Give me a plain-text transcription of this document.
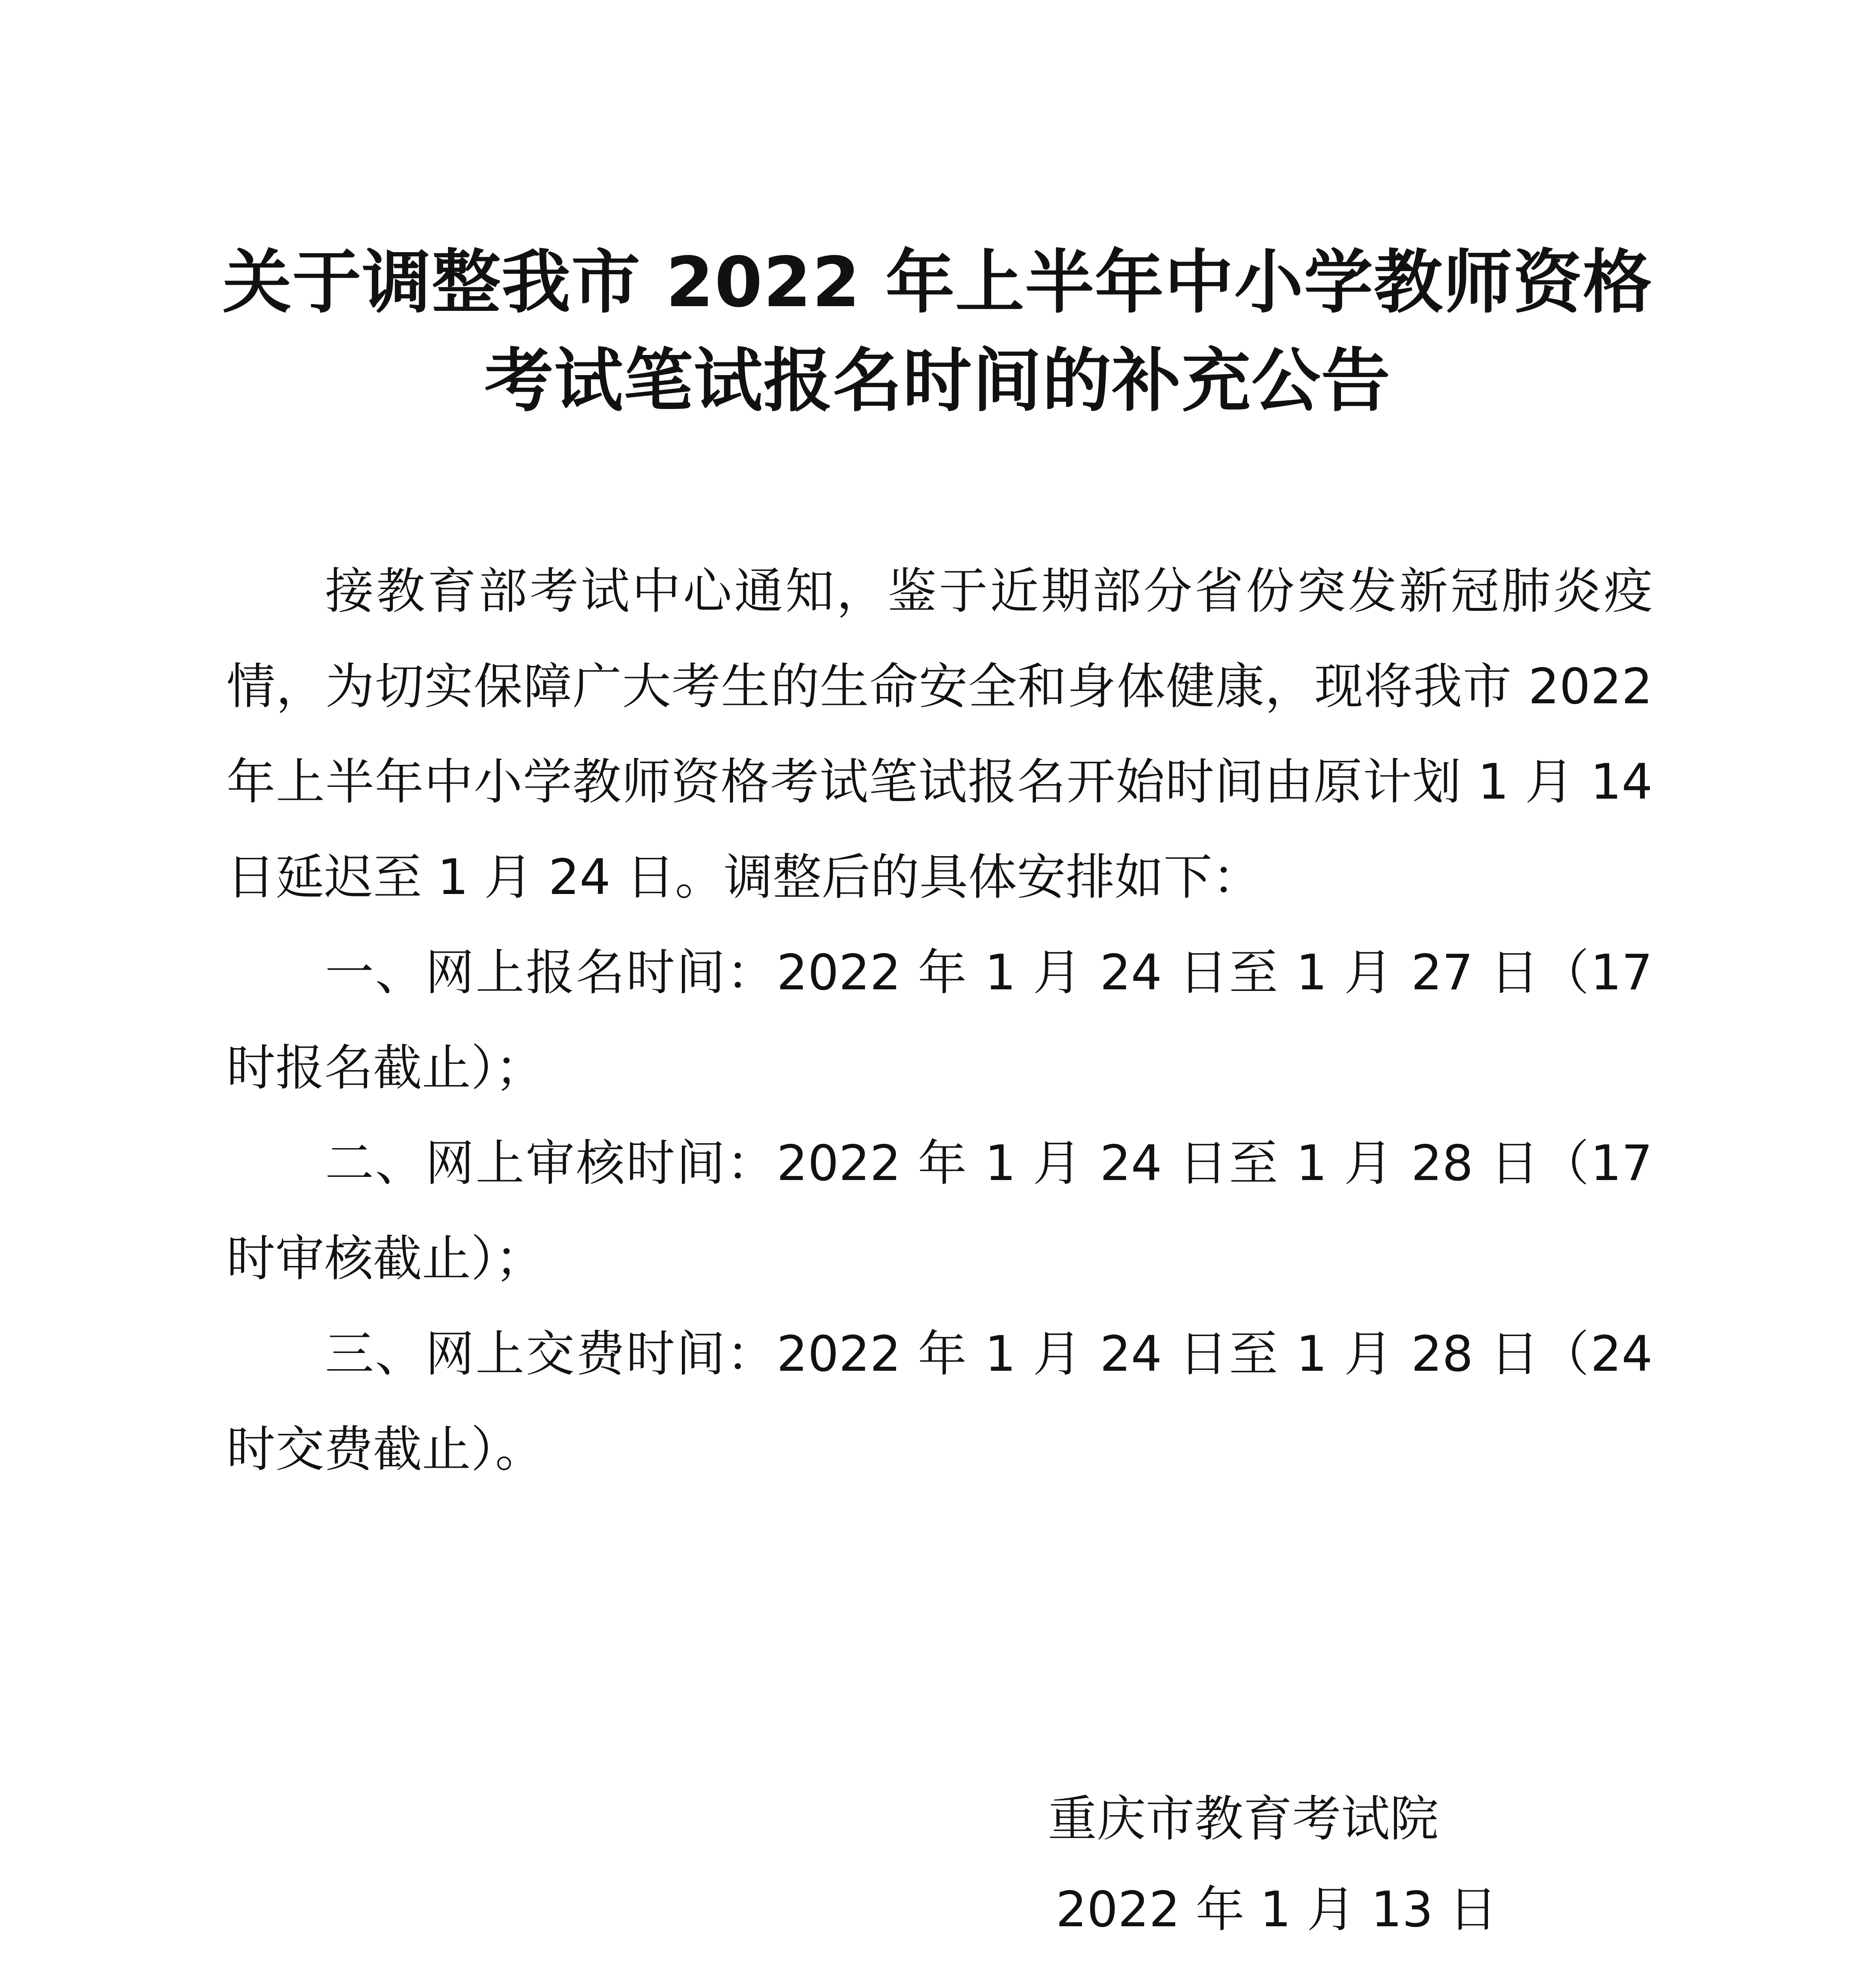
关于调整我市 2022 年上半年中小学教师资格
考试笔试报名时间的补充公告

接教育部考试中心通知，鉴于近期部分省份突发新冠肺炎疫情，为切实保障广大考生的生命安全和身体健康，现将我市 2022 年上半年中小学教师资格考试笔试报名开始时间由原计划 1 月 14 日延迟至 1 月 24 日。调整后的具体安排如下：

一、网上报名时间：2022 年 1 月 24 日至 1 月 27 日（17 时报名截止）；

二、网上审核时间：2022 年 1 月 24 日至 1 月 28 日（17 时审核截止）；

三、网上交费时间：2022 年 1 月 24 日至 1 月 28 日（24 时交费截止）。

重庆市教育考试院
2022 年 1 月 13 日
